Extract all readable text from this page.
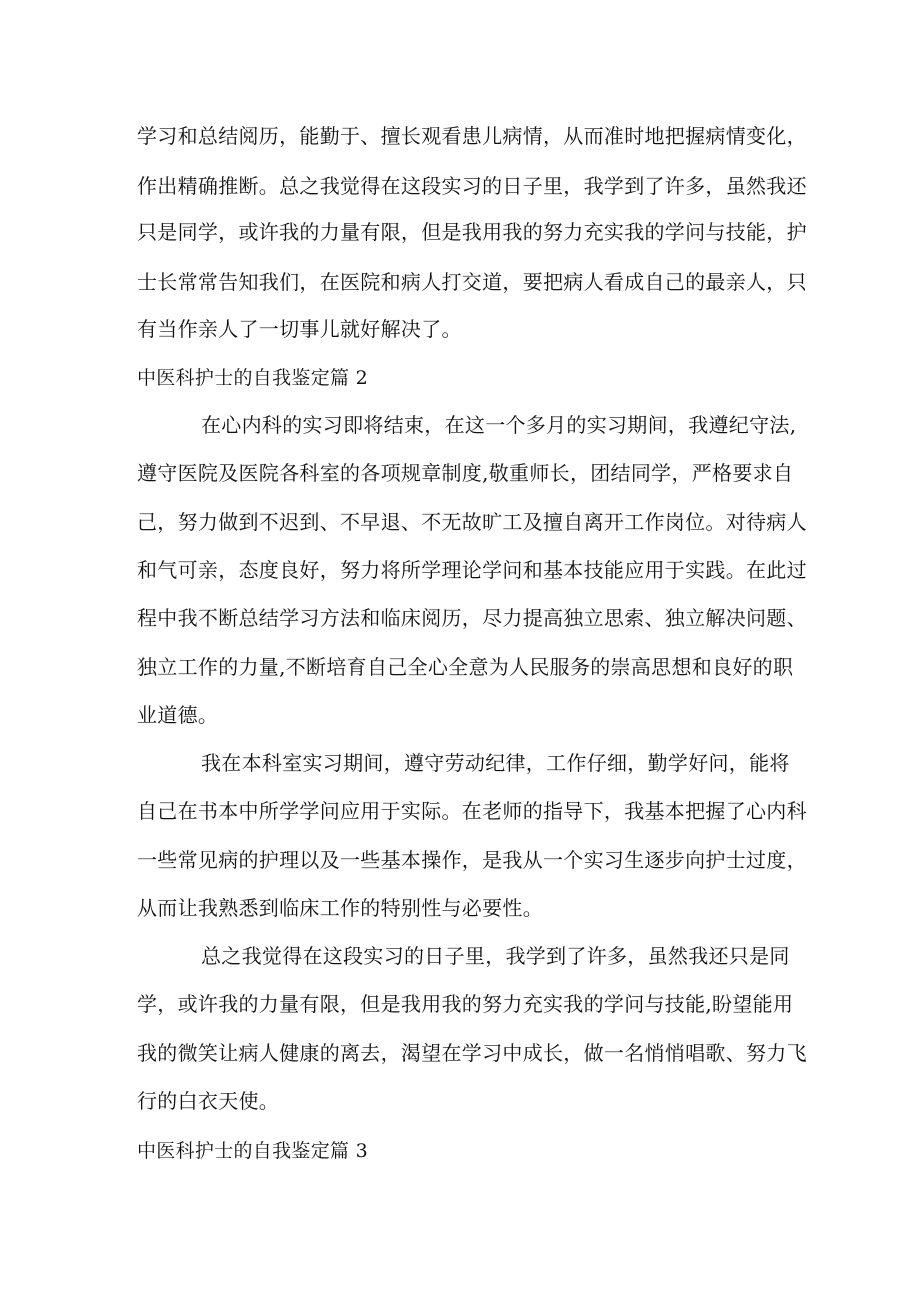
学习和总结阅历，能勤于、擅长观看患儿病情，从而准时地把握病情变化，
作出精确推断。总之我觉得在这段实习的日子里，我学到了许多，虽然我还
只是同学，或许我的力量有限，但是我用我的努力充实我的学问与技能，护
士长常常告知我们，在医院和病人打交道，要把病人看成自己的最亲人，只
有当作亲人了一切事儿就好解决了。
中医科护士的自我鉴定篇 2
在心内科的实习即将结束，在这一个多月的实习期间，我遵纪守法,
遵守医院及医院各科室的各项规章制度,敬重师长，团结同学，严格要求自
己，努力做到不迟到、不早退、不无故旷工及擅自离开工作岗位。对待病人
和气可亲，态度良好，努力将所学理论学问和基本技能应用于实践。在此过
程中我不断总结学习方法和临床阅历，尽力提高独立思索、独立解决问题、
独立工作的力量,不断培育自己全心全意为人民服务的崇高思想和良好的职
业道德。
我在本科室实习期间，遵守劳动纪律，工作仔细，勤学好问，能将
自己在书本中所学学问应用于实际。在老师的指导下，我基本把握了心内科
一些常见病的护理以及一些基本操作，是我从一个实习生逐步向护士过度，
从而让我熟悉到临床工作的特别性与必要性。
总之我觉得在这段实习的日子里，我学到了许多，虽然我还只是同
学，或许我的力量有限，但是我用我的努力充实我的学问与技能,盼望能用
我的微笑让病人健康的离去，渴望在学习中成长，做一名悄悄唱歌、努力飞
行的白衣天使。
中医科护士的自我鉴定篇 3
